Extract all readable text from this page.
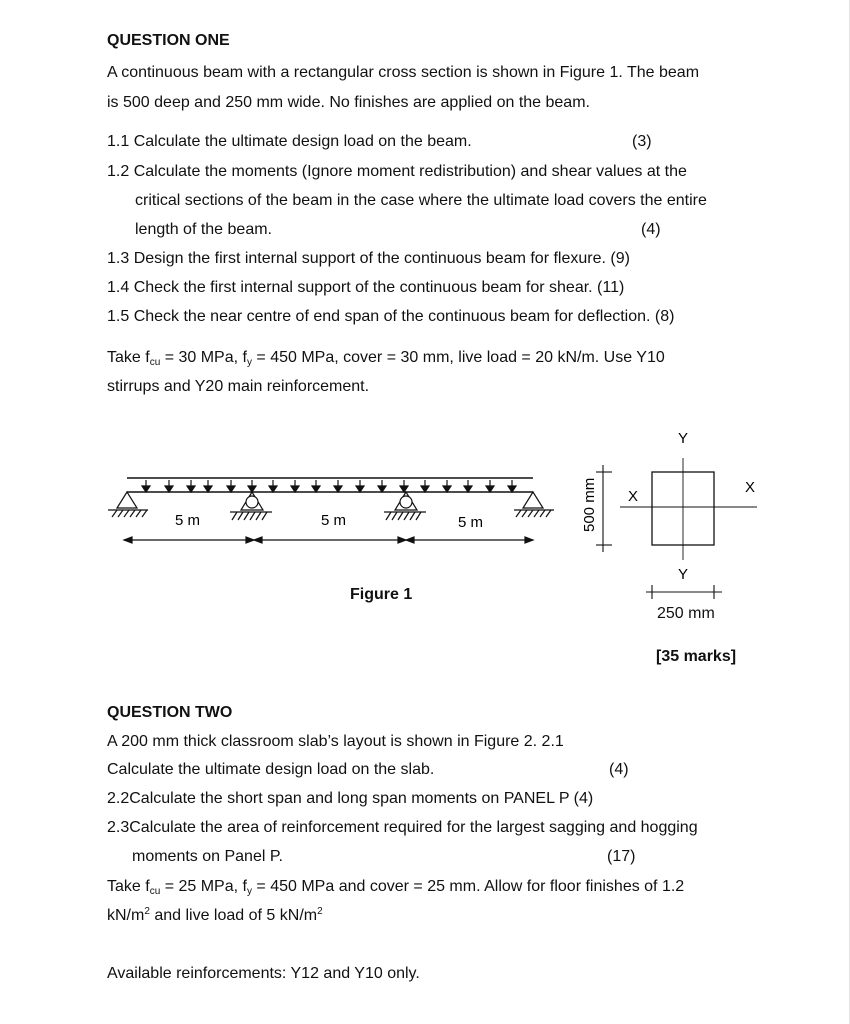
QUESTION ONE
A continuous beam with a rectangular cross section is shown in Figure 1. The beam
is 500 deep and 250 mm wide. No finishes are applied on the beam.
1.1 Calculate the ultimate design load on the beam.	(3)
1.2 Calculate the moments (Ignore moment redistribution) and shear values at the
critical sections of the beam in the case where the ultimate load covers the entire
length of the beam.	(4)
1.3 Design the first internal support of the continuous beam for flexure. (9)
1.4 Check the first internal support of the continuous beam for shear. (11)
1.5 Check the near centre of end span of the continuous beam for deflection. (8)
Take $f_{cu} = 30$ MPa, $f_y = 450$ MPa, cover = 30 mm, live load = 20 kN/m. Use Y10
stirrups and Y20 main reinforcement.
5 m	5 m	5 m	500 mm
Y
X
X
Y
Figure 1
250 mm
[35 marks]
QUESTION TWO
A 200 mm thick classroom slab’s layout is shown in Figure 2. 2.1
Calculate the ultimate design load on the slab.	(4)
2.2Calculate the short span and long span moments on PANEL P (4)
2.3Calculate the area of reinforcement required for the largest sagging and hogging
moments on Panel P.	(17)
Take $f_{cu} = 25$ MPa, $f_y = 450$ MPa and cover = 25 mm. Allow for floor finishes of 1.2
$kN/m^2$ and live load of 5 $kN/m^2$
Available reinforcements: Y12 and Y10 only.
